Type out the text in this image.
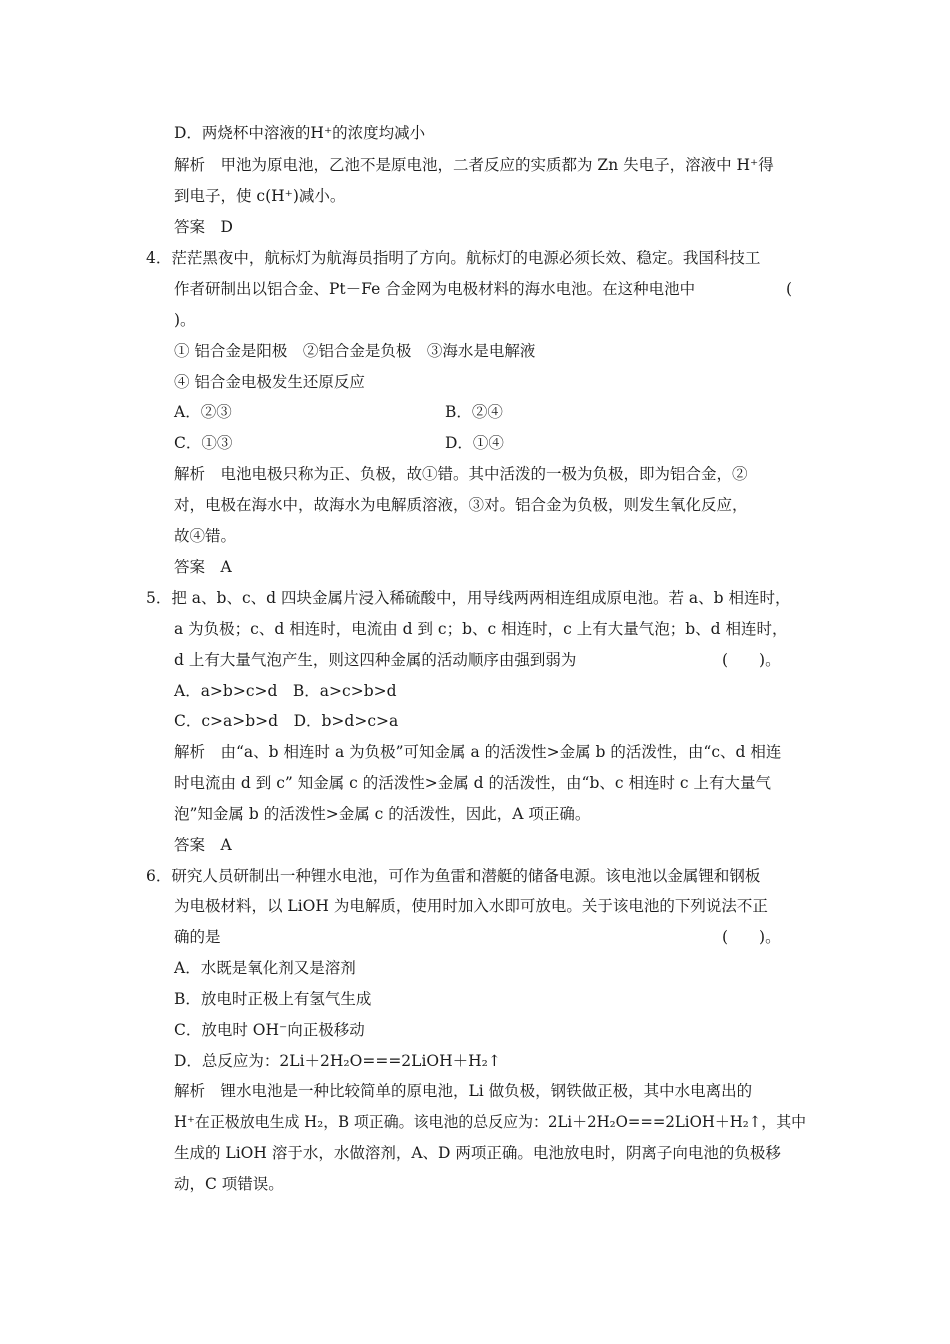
D．两烧杯中溶液的H⁺的浓度均减小
解析　甲池为原电池，乙池不是原电池，二者反应的实质都为 Zn 失电子，溶液中 H⁺得
到电子，使 c(H⁺)减小。
答案　D
4．茫茫黑夜中，航标灯为航海员指明了方向。航标灯的电源必须长效、稳定。我国科技工
作者研制出以铝合金、Pt－Fe 合金网为电极材料的海水电池。在这种电池中	(
)。
① 铝合金是阳极　②铝合金是负极　③海水是电解液
④ 铝合金电极发生还原反应
A．②③	B．②④
C．①③	D．①④
解析　电池电极只称为正、负极，故①错。其中活泼的一极为负极，即为铝合金，②
对，电极在海水中，故海水为电解质溶液，③对。铝合金为负极，则发生氧化反应，
故④错。
答案　A
5．把 a、b、c、d 四块金属片浸入稀硫酸中，用导线两两相连组成原电池。若 a、b 相连时，
a 为负极；c、d 相连时，电流由 d 到 c；b、c 相连时，c 上有大量气泡；b、d 相连时，
d 上有大量气泡产生，则这四种金属的活动顺序由强到弱为	(　　)。
A．a>b>c>d　B．a>c>b>d
C．c>a>b>d　D．b>d>c>a
解析　由“a、b 相连时 a 为负极”可知金属 a 的活泼性>金属 b 的活泼性，由“c、d 相连
时电流由 d 到 c” 知金属 c 的活泼性>金属 d 的活泼性，由“b、c 相连时 c 上有大量气
泡”知金属 b 的活泼性>金属 c 的活泼性，因此，A 项正确。
答案　A
6．研究人员研制出一种锂水电池，可作为鱼雷和潜艇的储备电源。该电池以金属锂和钢板
为电极材料，以 LiOH 为电解质，使用时加入水即可放电。关于该电池的下列说法不正
确的是	(　　)。
A．水既是氧化剂又是溶剂
B．放电时正极上有氢气生成
C．放电时 OH⁻向正极移动
D．总反应为：2Li＋2H₂O===2LiOH＋H₂↑
解析　锂水电池是一种比较简单的原电池，Li 做负极，钢铁做正极，其中水电离出的
H⁺在正极放电生成 H₂，B 项正确。该电池的总反应为：2Li＋2H₂O===2LiOH＋H₂↑，其中
生成的 LiOH 溶于水，水做溶剂，A、D 两项正确。电池放电时，阴离子向电池的负极移
动，C 项错误。
